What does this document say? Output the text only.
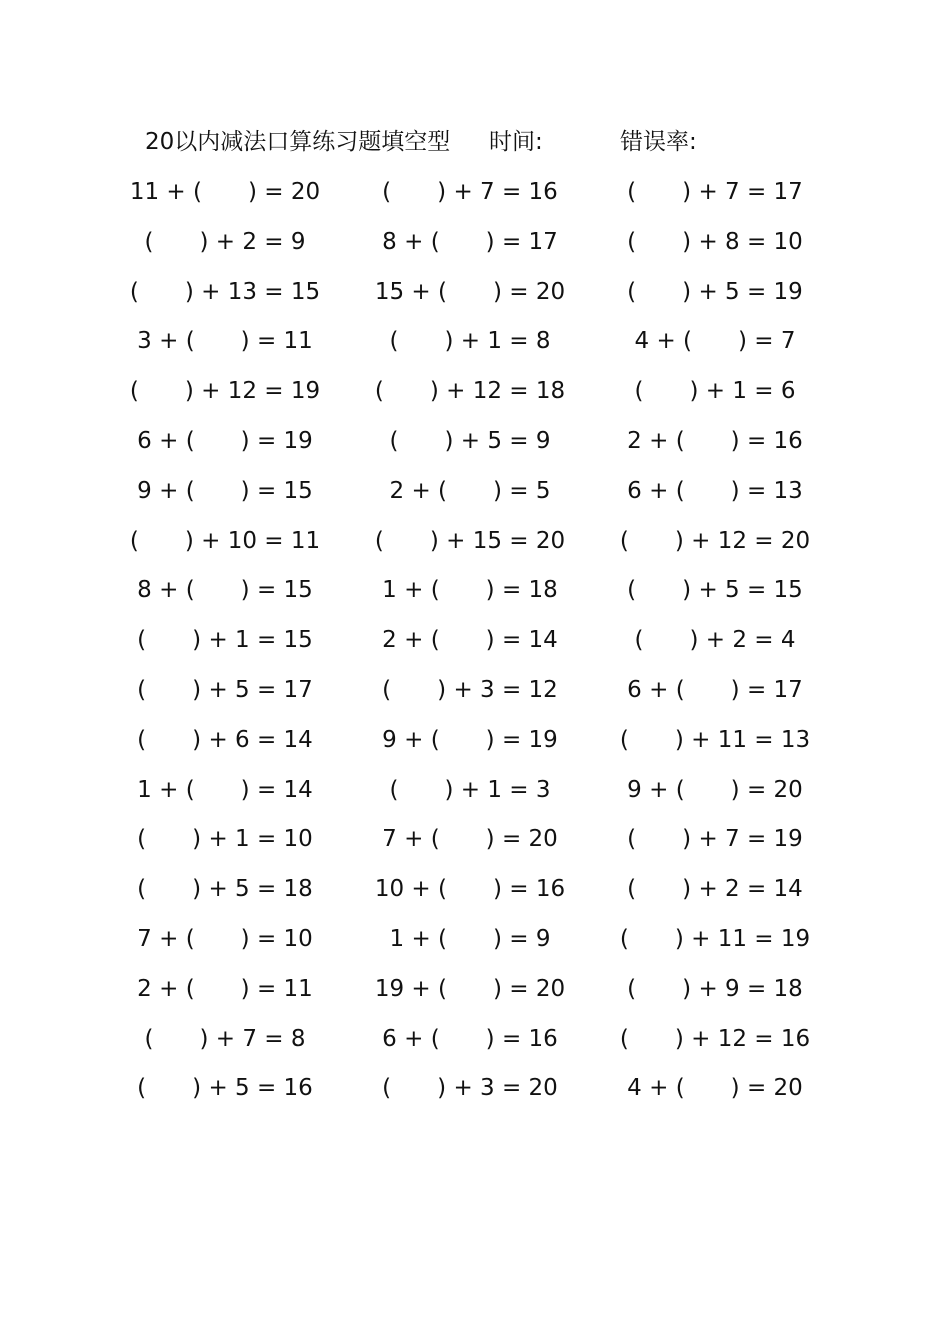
20以内减法口算练习题填空型 时间:	错误率:
11 + ( ) = 20	( ) + 7 = 16	( ) + 7 = 17
( ) + 2 = 9	8 + ( ) = 17	( ) + 8 = 10
( ) + 13 = 15	15 + ( ) = 20	( ) + 5 = 19
3 + ( ) = 11	( ) + 1 = 8	4 + ( ) = 7
( ) + 12 = 19	( ) + 12 = 18	( ) + 1 = 6
6 + ( ) = 19	( ) + 5 = 9	2 + ( ) = 16
9 + ( ) = 15	2 + ( ) = 5	6 + ( ) = 13
( ) + 10 = 11	( ) + 15 = 20	( ) + 12 = 20
8 + ( ) = 15	1 + ( ) = 18	( ) + 5 = 15
( ) + 1 = 15	2 + ( ) = 14	( ) + 2 = 4
( ) + 5 = 17	( ) + 3 = 12	6 + ( ) = 17
( ) + 6 = 14	9 + ( ) = 19	( ) + 11 = 13
1 + ( ) = 14	( ) + 1 = 3	9 + ( ) = 20
( ) + 1 = 10	7 + ( ) = 20	( ) + 7 = 19
( ) + 5 = 18	10 + ( ) = 16	( ) + 2 = 14
7 + ( ) = 10	1 + ( ) = 9	( ) + 11 = 19
2 + ( ) = 11	19 + ( ) = 20	( ) + 9 = 18
( ) + 7 = 8	6 + ( ) = 16	( ) + 12 = 16
( ) + 5 = 16	( ) + 3 = 20	4 + ( ) = 20
